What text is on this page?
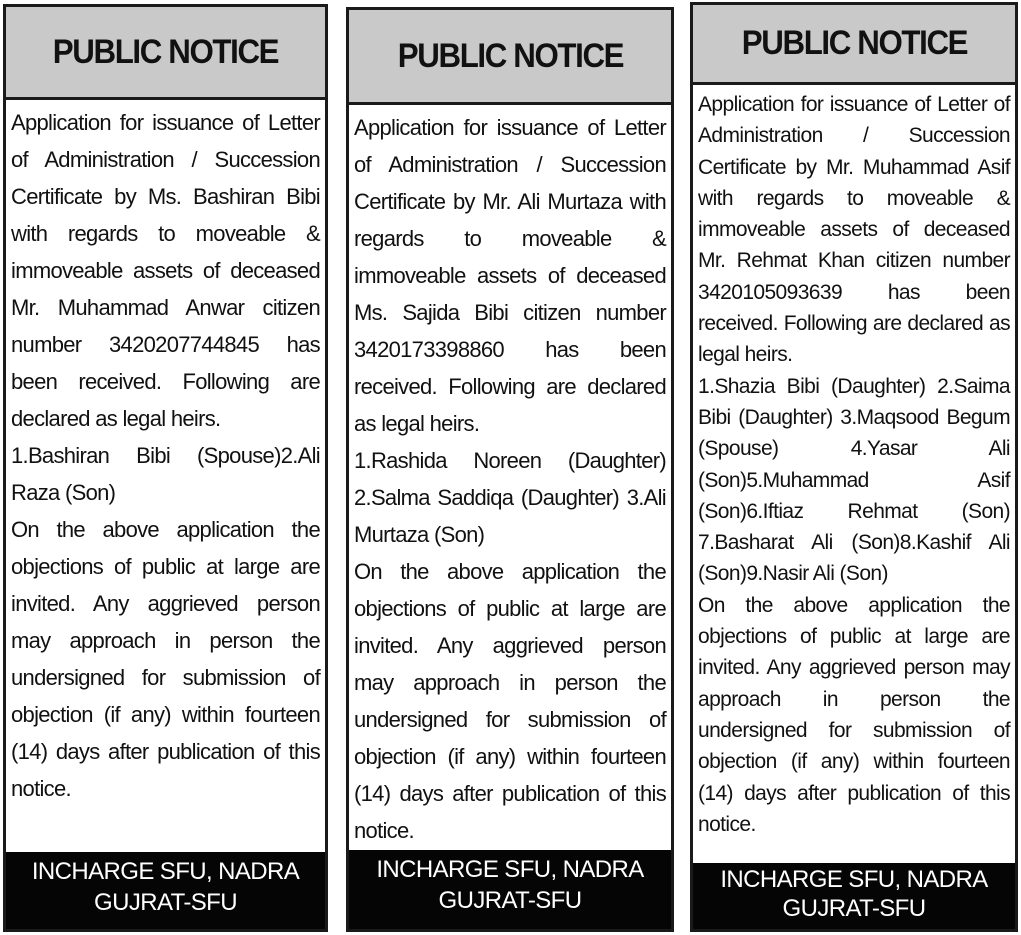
PUBLIC NOTICE

Application for issuance of Letter of Administration / Succession Certificate by Ms. Bashiran Bibi with regards to moveable & immoveable assets of deceased Mr. Muhammad Anwar citizen number 3420207744845 has been received. Following are declared as legal heirs.

1.Bashiran Bibi (Spouse)2.Ali Raza (Son)

On the above application the objections of public at large are invited. Any aggrieved person may approach in person the undersigned for submission of objection (if any) within fourteen (14) days after publication of this notice.

INCHARGE SFU, NADRA
GUJRAT-SFU
PUBLIC NOTICE

Application for issuance of Letter of Administration / Succession Certificate by Mr. Ali Murtaza with regards to moveable & immoveable assets of deceased Ms. Sajida Bibi citizen number 3420173398860 has been received. Following are declared as legal heirs.

1.Rashida Noreen (Daughter) 2.Salma Saddiqa (Daughter) 3.Ali Murtaza (Son)

On the above application the objections of public at large are invited. Any aggrieved person may approach in person the undersigned for submission of objection (if any) within fourteen (14) days after publication of this notice.

INCHARGE SFU, NADRA
GUJRAT-SFU
PUBLIC NOTICE

Application for issuance of Letter of Administration / Succession Certificate by Mr. Muhammad Asif with regards to moveable & immoveable assets of deceased Mr. Rehmat Khan citizen number 3420105093639 has been received. Following are declared as legal heirs.

1.Shazia Bibi (Daughter) 2.Saima Bibi (Daughter) 3.Maqsood Begum (Spouse) 4.Yasar Ali (Son)5.Muhammad Asif (Son)6.Iftiaz Rehmat (Son) 7.Basharat Ali (Son)8.Kashif Ali (Son)9.Nasir Ali (Son)

On the above application the objections of public at large are invited. Any aggrieved person may approach in person the undersigned for submission of objection (if any) within fourteen (14) days after publication of this notice.

INCHARGE SFU, NADRA
GUJRAT-SFU
